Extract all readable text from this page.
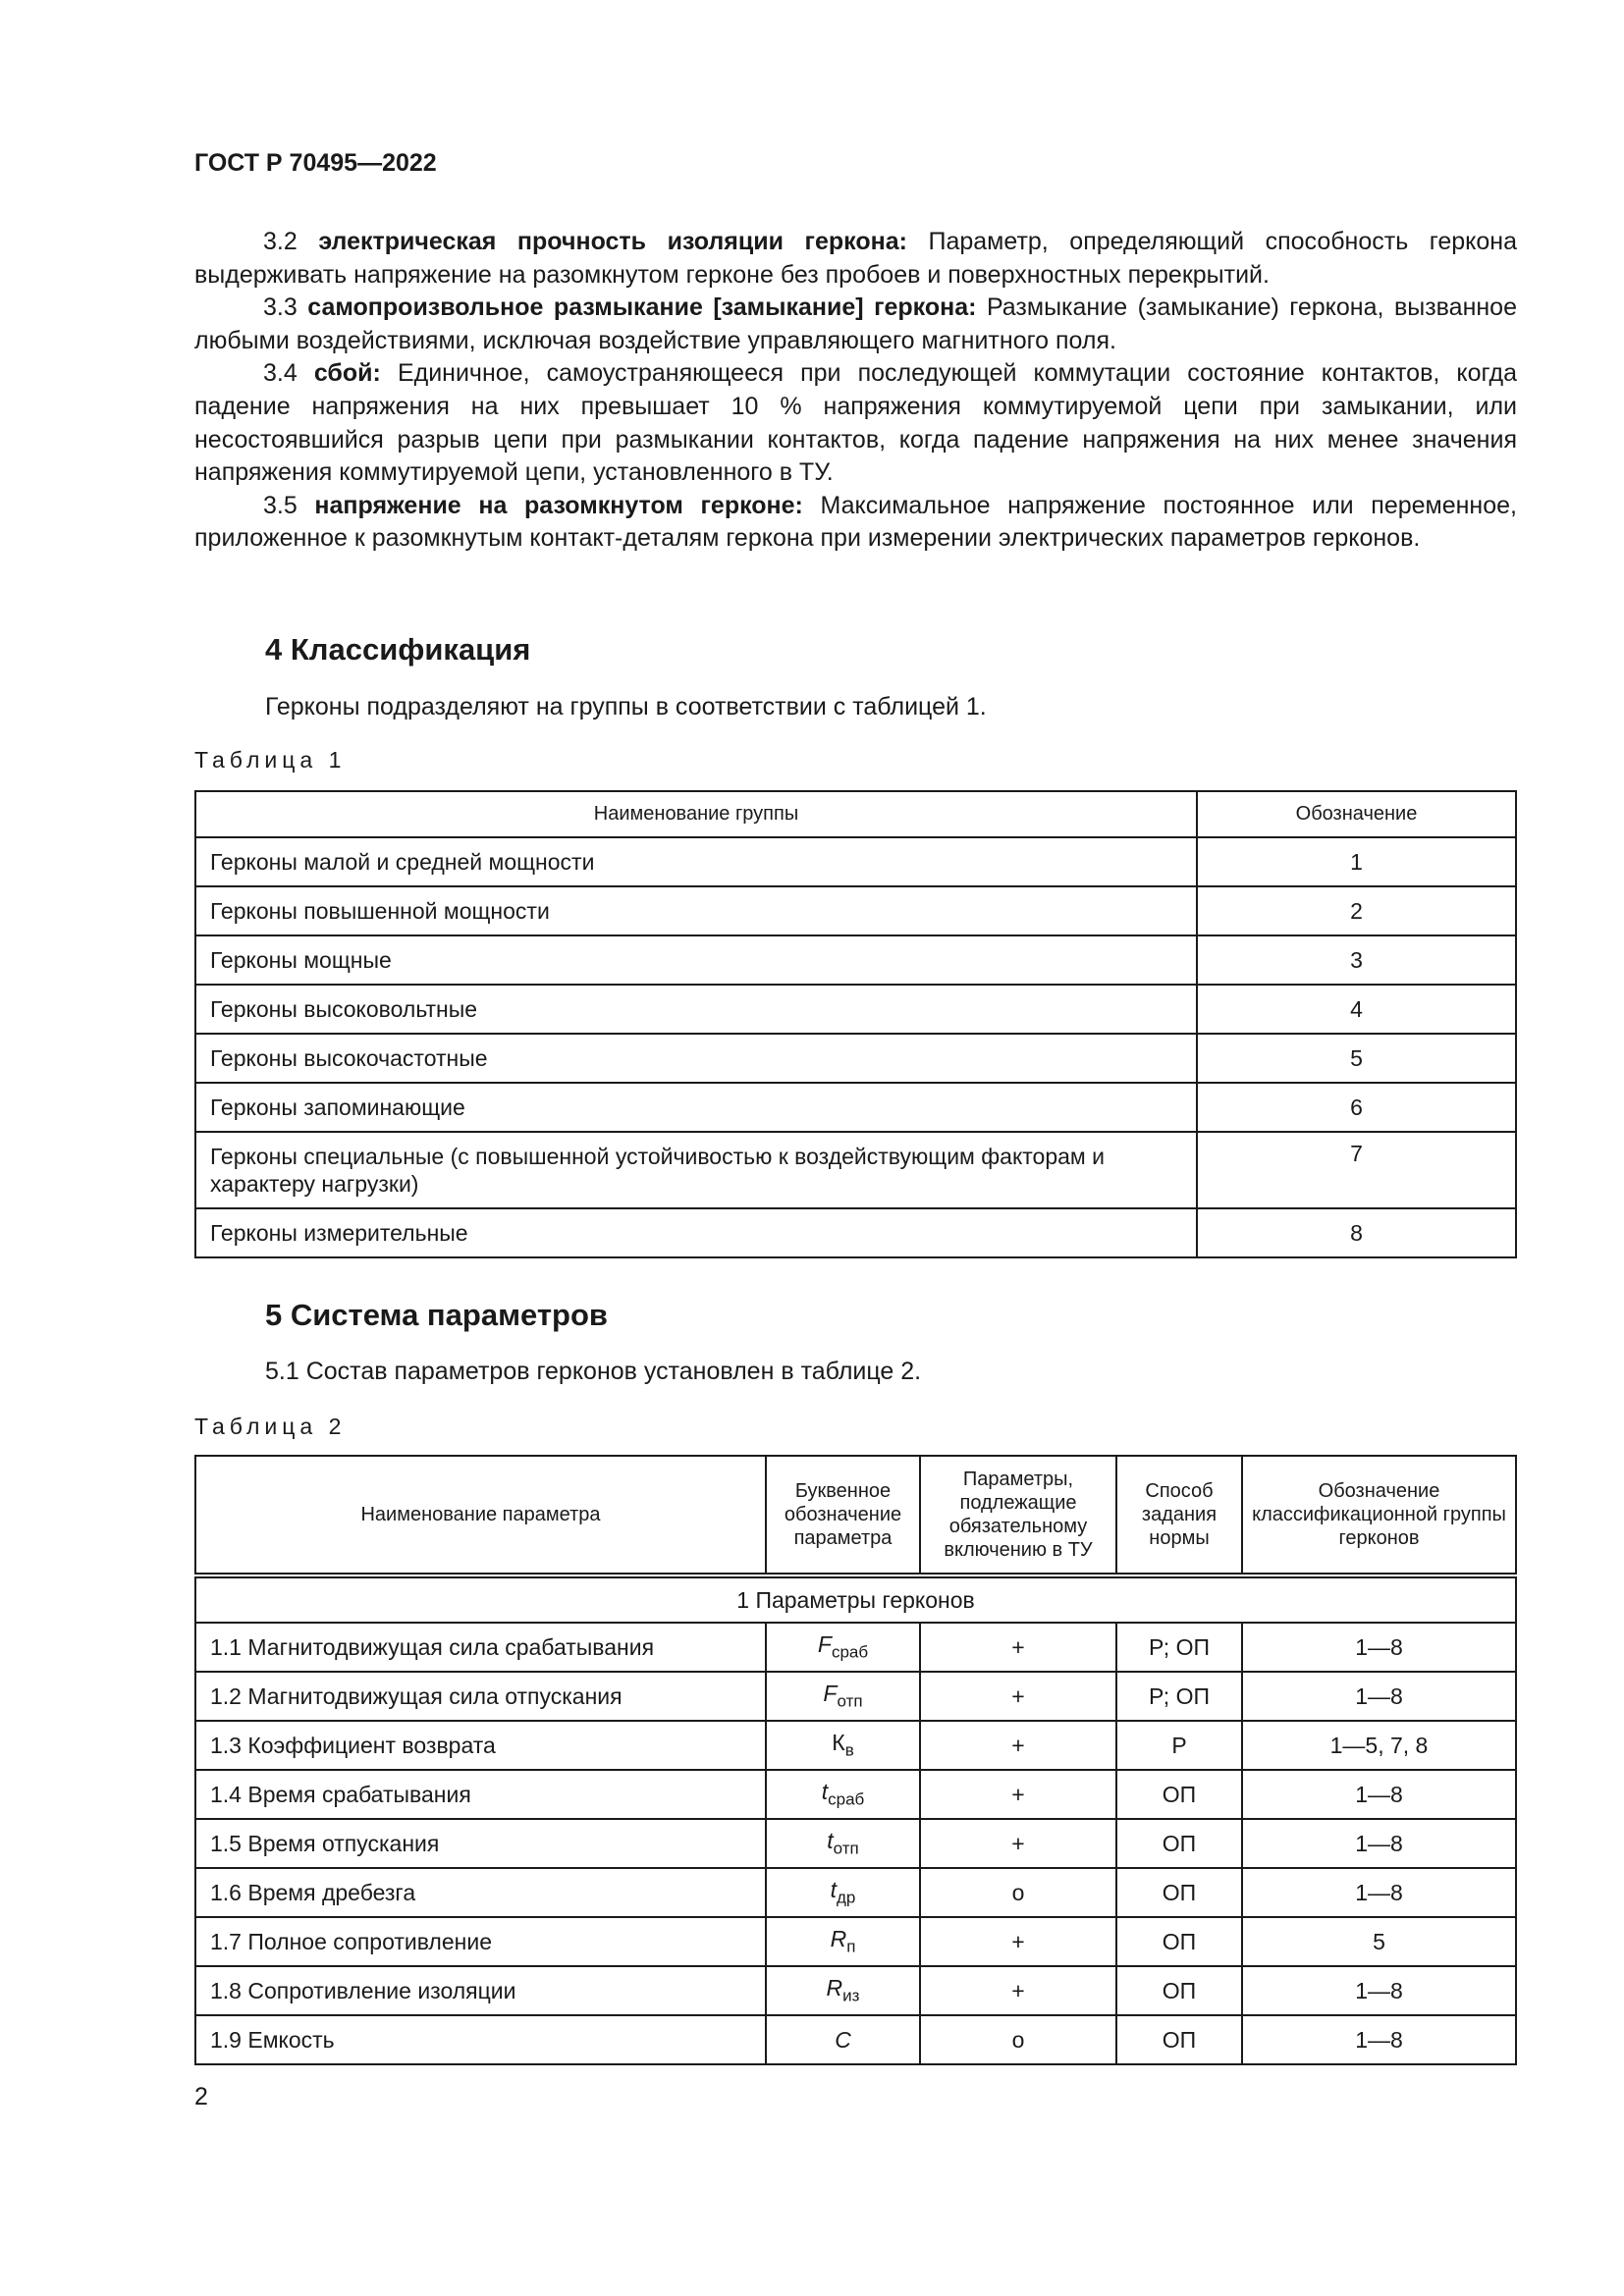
ГОСТ Р 70495—2022

3.2 электрическая прочность изоляции геркона: Параметр, определяющий способность геркона выдерживать напряжение на разомкнутом герконе без пробоев и поверхностных перекрытий.

3.3 самопроизвольное размыкание [замыкание] геркона: Размыкание (замыкание) геркона, вызванное любыми воздействиями, исключая воздействие управляющего магнитного поля.

3.4 сбой: Единичное, самоустраняющееся при последующей коммутации состояние контактов, когда падение напряжения на них превышает 10 % напряжения коммутируемой цепи при замыкании, или несостоявшийся разрыв цепи при размыкании контактов, когда падение напряжения на них менее значения напряжения коммутируемой цепи, установленного в ТУ.

3.5 напряжение на разомкнутом герконе: Максимальное напряжение постоянное или переменное, приложенное к разомкнутым контакт-деталям геркона при измерении электрических параметров герконов.

4 Классификация
Герконы подразделяют на группы в соответствии с таблицей 1.
Таблица 1
Наименование группы	Обозначение
Герконы малой и средней мощности	1
Герконы повышенной мощности	2
Герконы мощные	3
Герконы высоковольтные	4
Герконы высокочастотные	5
Герконы запоминающие	6
Герконы специальные (с повышенной устойчивостью к воздействующим факторам и характеру нагрузки)	7
Герконы измерительные	8
5 Система параметров
5.1 Состав параметров герконов установлен в таблице 2.
Таблица 2
Наименование параметра	Буквенное обозначение параметра	Параметры, подлежащие обязательному включению в ТУ	Способ задания нормы	Обозначение классификационной группы герконов
1 Параметры герконов				
1.1 Магнитодвижущая сила срабатывания	$F_{сраб}$	+	Р; ОП	1—8
1.2 Магнитодвижущая сила отпускания	$F_{отп}$	+	Р; ОП	1—8
1.3 Коэффициент возврата	$К_в$	+	Р	1—5, 7, 8
1.4 Время срабатывания	$t_{сраб}$	+	ОП	1—8
1.5 Время отпускания	$t_{отп}$	+	ОП	1—8
1.6 Время дребезга	$t_{др}$	о	ОП	1—8
1.7 Полное сопротивление	$R_п$	+	ОП	5
1.8 Сопротивление изоляции	$R_{из}$	+	ОП	1—8
1.9 Емкость	C	о	ОП	1—8
2
